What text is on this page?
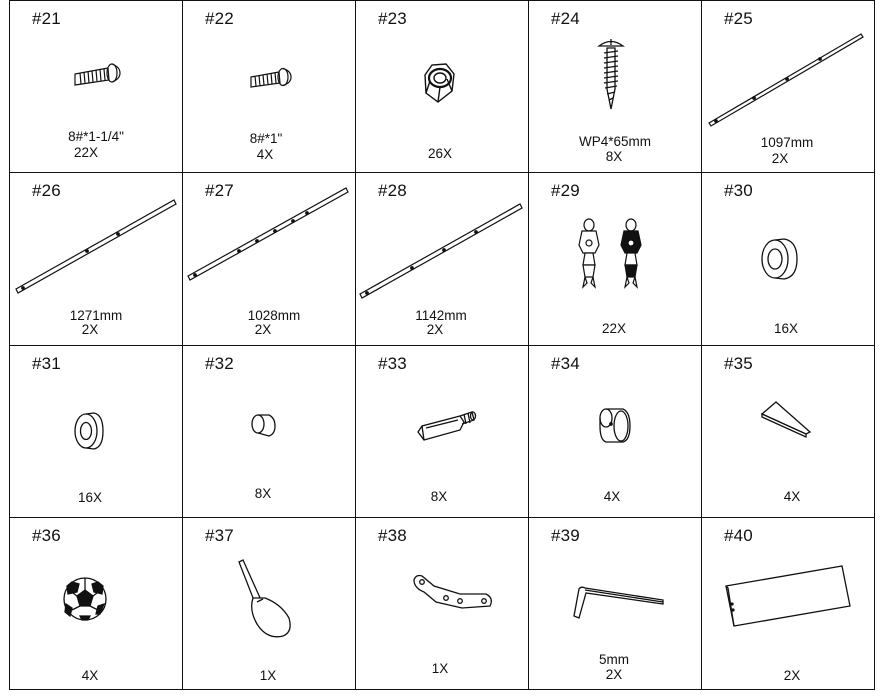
#21
8#*1-1/4"
22X
#22
8#*1"
4X
#23
26X
#24
WP4*65mm
8X
#25
1097mm
2X
#26
1271mm
2X
#27
1028mm
2X
#28
1142mm
2X
#29
22X
#30
16X
#31
16X
#32
8X
#33
8X
#34
4X
#35
4X
#36
4X
#37
1X
#38
1X
#39
5mm
2X
#40
2X
